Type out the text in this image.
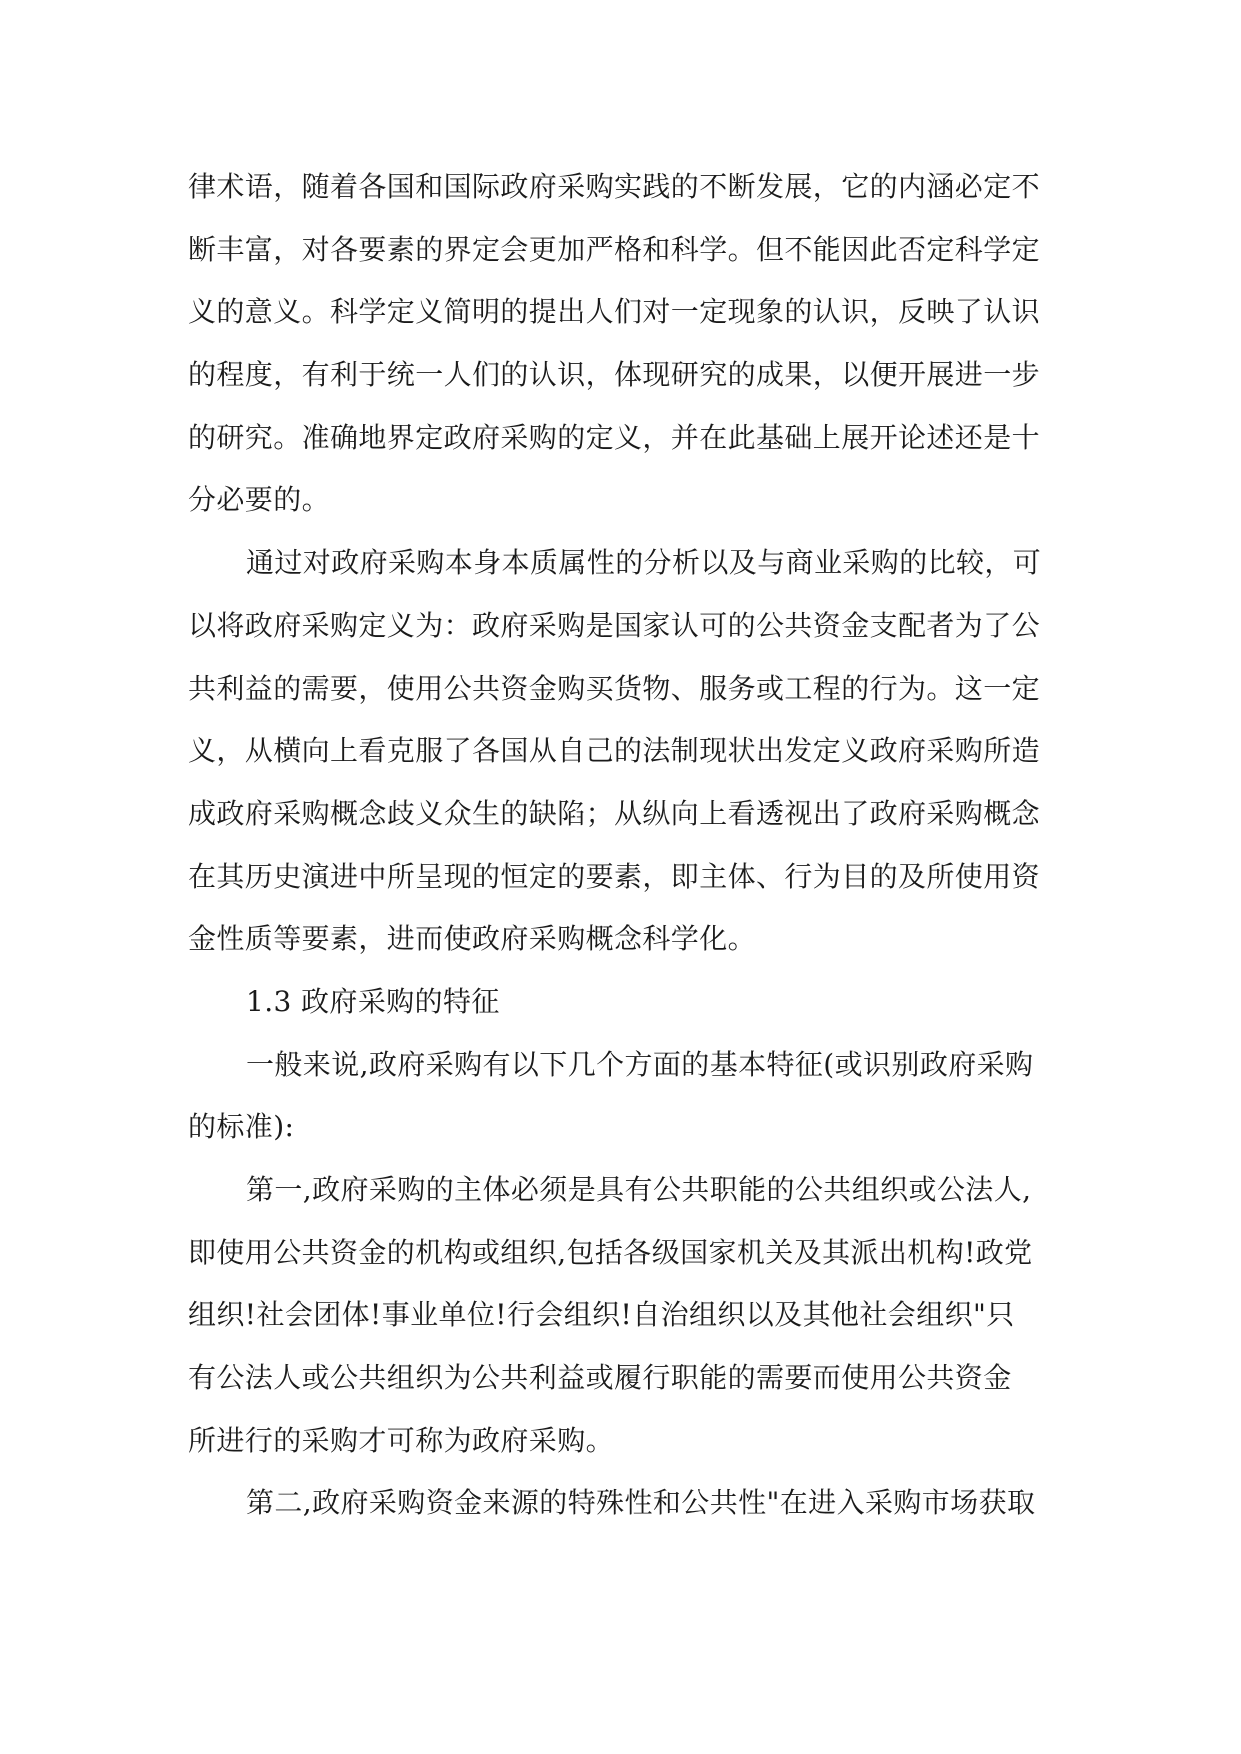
律术语，随着各国和国际政府采购实践的不断发展，它的内涵必定不
断丰富，对各要素的界定会更加严格和科学。但不能因此否定科学定
义的意义。科学定义简明的提出人们对一定现象的认识，反映了认识
的程度，有利于统一人们的认识，体现研究的成果，以便开展进一步
的研究。准确地界定政府采购的定义，并在此基础上展开论述还是十
分必要的。
通过对政府采购本身本质属性的分析以及与商业采购的比较，可
以将政府采购定义为：政府采购是国家认可的公共资金支配者为了公
共利益的需要，使用公共资金购买货物、服务或工程的行为。这一定
义，从横向上看克服了各国从自己的法制现状出发定义政府采购所造
成政府采购概念歧义众生的缺陷；从纵向上看透视出了政府采购概念
在其历史演进中所呈现的恒定的要素，即主体、行为目的及所使用资
金性质等要素，进而使政府采购概念科学化。
1.3 政府采购的特征
一般来说,政府采购有以下几个方面的基本特征(或识别政府采购
的标准):
第一,政府采购的主体必须是具有公共职能的公共组织或公法人,
即使用公共资金的机构或组织,包括各级国家机关及其派出机构!政党
组织!社会团体!事业单位!行会组织!自治组织以及其他社会组织"只
有公法人或公共组织为公共利益或履行职能的需要而使用公共资金
所进行的采购才可称为政府采购。
第二,政府采购资金来源的特殊性和公共性"在进入采购市场获取
